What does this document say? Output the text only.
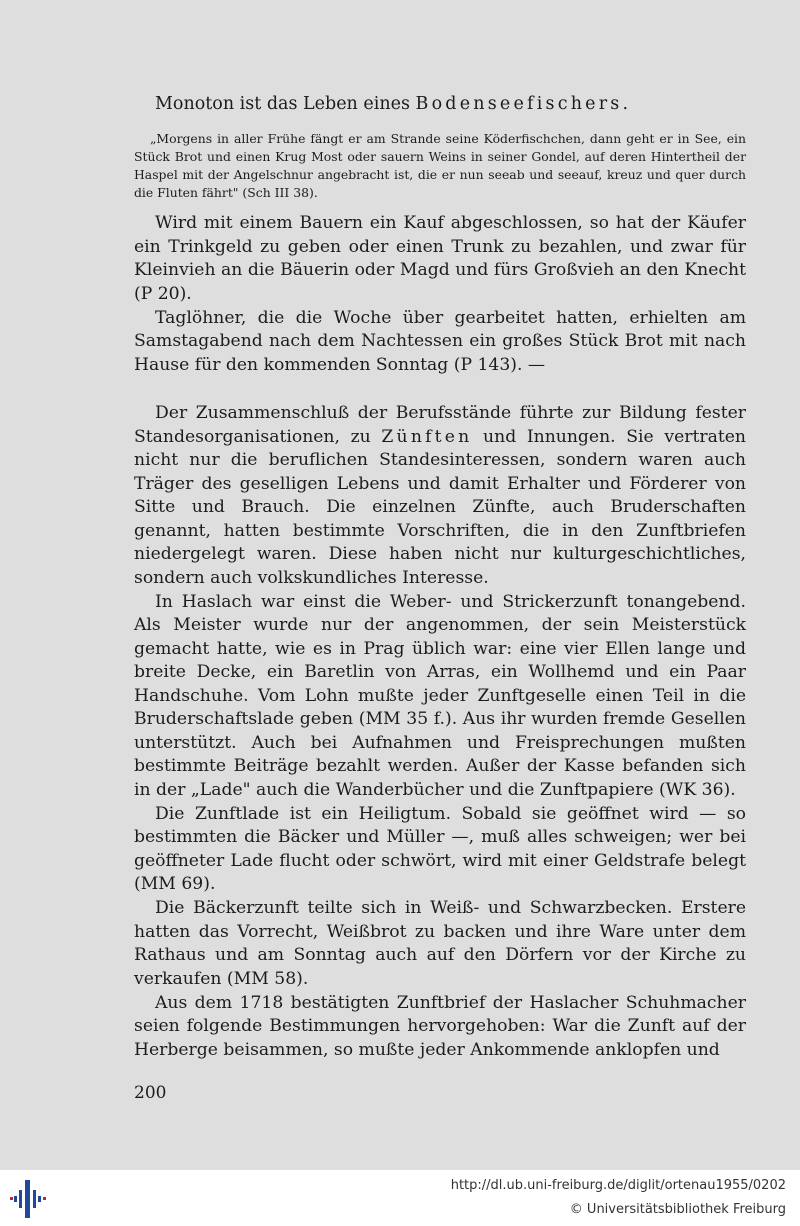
Monoton ist das Leben eines Bodenseefischers.
„Morgens in aller Frühe fängt er am Strande seine Köderfischchen, dann geht er in See, ein Stück Brot und einen Krug Most oder sauern Weins in seiner Gondel, auf deren Hintertheil der Haspel mit der Angelschnur angebracht ist, die er nun seeab und seeauf, kreuz und quer durch die Fluten fährt" (Sch III 38).

Wird mit einem Bauern ein Kauf abgeschlossen, so hat der Käufer ein Trinkgeld zu geben oder einen Trunk zu bezahlen, und zwar für Kleinvieh an die Bäuerin oder Magd und fürs Großvieh an den Knecht (P 20).

Taglöhner, die die Woche über gearbeitet hatten, erhielten am Samstagabend nach dem Nachtessen ein großes Stück Brot mit nach Hause für den kommenden Sonntag (P 143). —

Der Zusammenschluß der Berufsstände führte zur Bildung fester Standesorganisationen, zu Zünften und Innungen. Sie vertraten nicht nur die beruflichen Standesinteressen, sondern waren auch Träger des geselligen Lebens und damit Erhalter und Förderer von Sitte und Brauch. Die einzelnen Zünfte, auch Bruderschaften genannt, hatten bestimmte Vorschriften, die in den Zunftbriefen niedergelegt waren. Diese haben nicht nur kulturgeschichtliches, sondern auch volkskundliches Interesse.

In Haslach war einst die Weber- und Strickerzunft tonangebend. Als Meister wurde nur der angenommen, der sein Meisterstück gemacht hatte, wie es in Prag üblich war: eine vier Ellen lange und breite Decke, ein Baretlin von Arras, ein Wollhemd und ein Paar Handschuhe. Vom Lohn mußte jeder Zunftgeselle einen Teil in die Bruderschaftslade geben (MM 35 f.). Aus ihr wurden fremde Gesellen unterstützt. Auch bei Aufnahmen und Freisprechungen mußten bestimmte Beiträge bezahlt werden. Außer der Kasse befanden sich in der „Lade" auch die Wanderbücher und die Zunftpapiere (WK 36).

Die Zunftlade ist ein Heiligtum. Sobald sie geöffnet wird — so bestimmten die Bäcker und Müller —, muß alles schweigen; wer bei geöffneter Lade flucht oder schwört, wird mit einer Geldstrafe belegt (MM 69).

Die Bäckerzunft teilte sich in Weiß- und Schwarzbecken. Erstere hatten das Vorrecht, Weißbrot zu backen und ihre Ware unter dem Rathaus und am Sonntag auch auf den Dörfern vor der Kirche zu verkaufen (MM 58).

Aus dem 1718 bestätigten Zunftbrief der Haslacher Schuhmacher seien folgende Bestimmungen hervorgehoben: War die Zunft auf der Herberge beisammen, so mußte jeder Ankommende anklopfen und

200
http://dl.ub.uni-freiburg.de/diglit/ortenau1955/0202
© Universitätsbibliothek Freiburg
